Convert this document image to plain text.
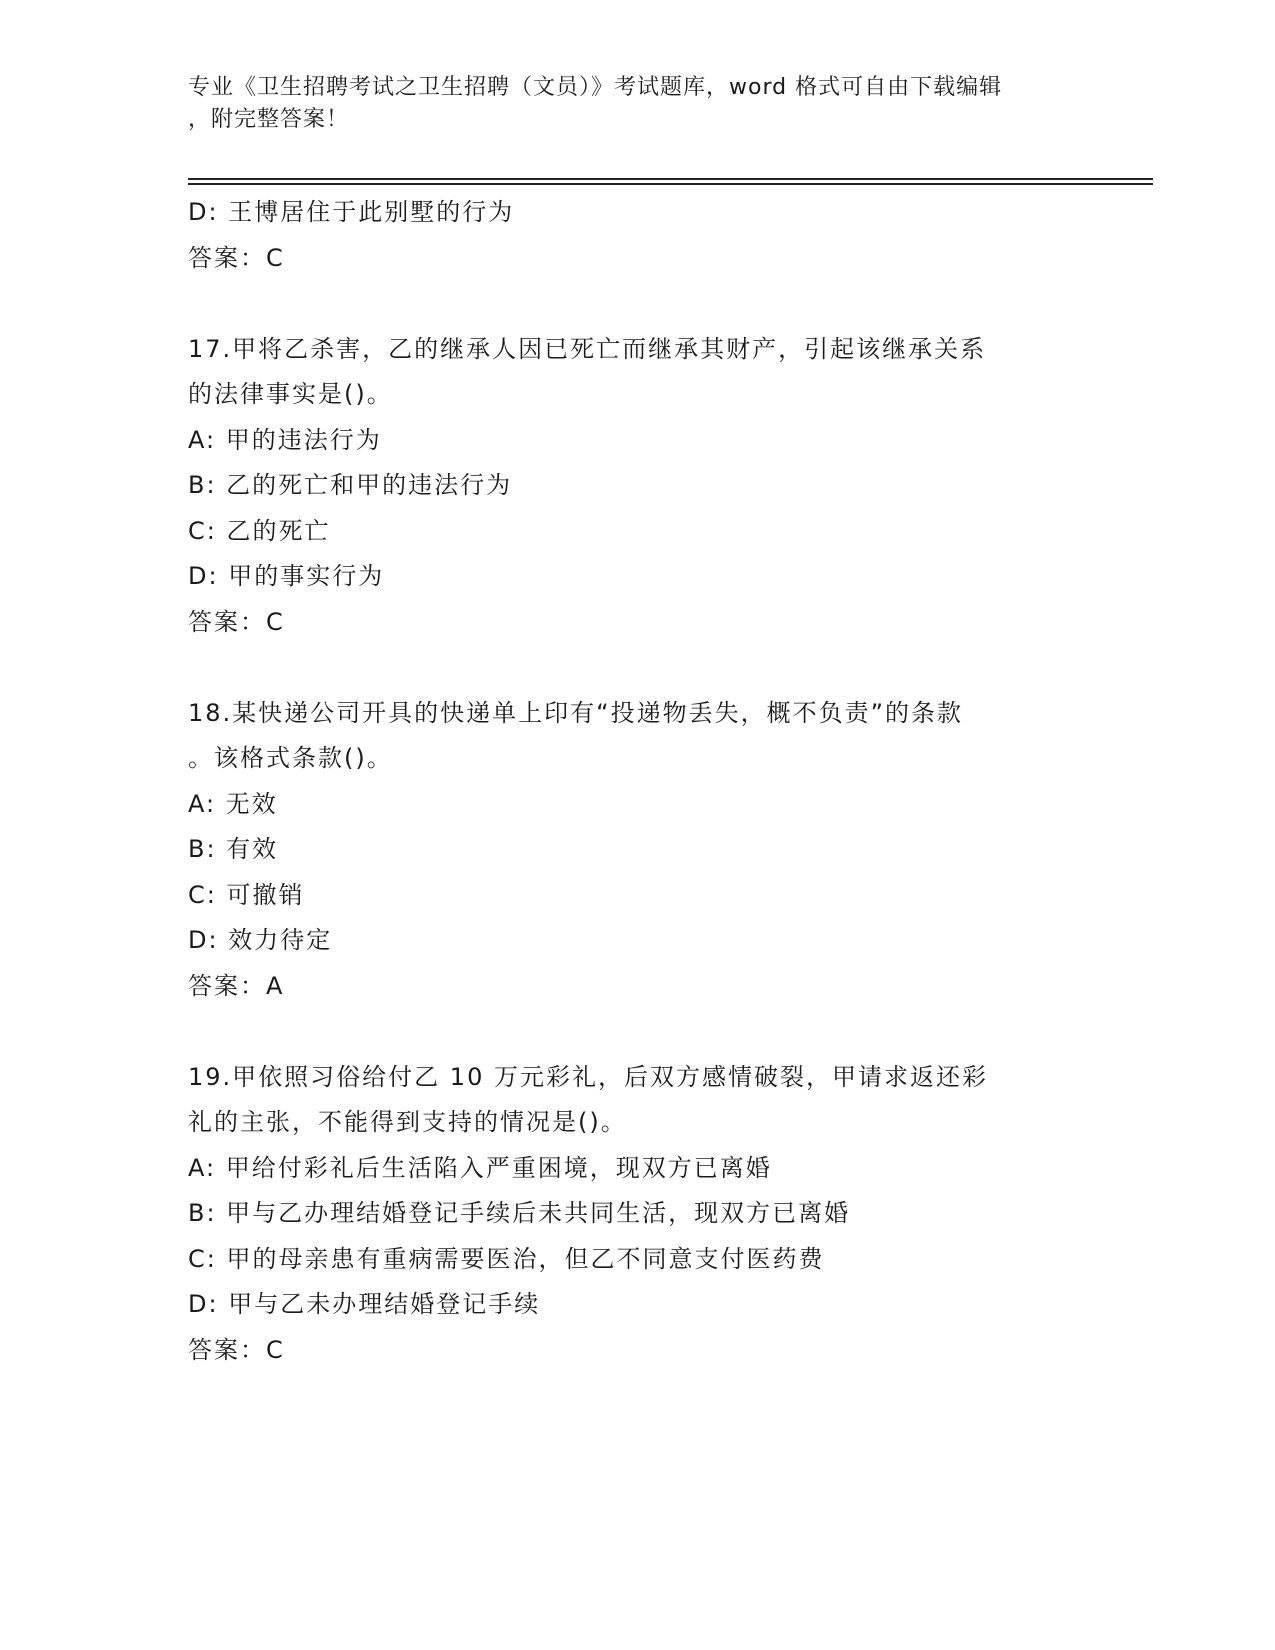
专业《卫生招聘考试之卫生招聘（文员）》考试题库，word 格式可自由下载编辑
，附完整答案！
D: 王博居住于此别墅的行为
答案：C
17.甲将乙杀害，乙的继承人因已死亡而继承其财产，引起该继承关系
的法律事实是()。
A: 甲的违法行为
B: 乙的死亡和甲的违法行为
C: 乙的死亡
D: 甲的事实行为
答案：C
18.某快递公司开具的快递单上印有“投递物丢失，概不负责”的条款
。该格式条款()。
A: 无效
B: 有效
C: 可撤销
D: 效力待定
答案：A
19.甲依照习俗给付乙 10 万元彩礼，后双方感情破裂，甲请求返还彩
礼的主张，不能得到支持的情况是()。
A: 甲给付彩礼后生活陷入严重困境，现双方已离婚
B: 甲与乙办理结婚登记手续后未共同生活，现双方已离婚
C: 甲的母亲患有重病需要医治，但乙不同意支付医药费
D: 甲与乙未办理结婚登记手续
答案：C
